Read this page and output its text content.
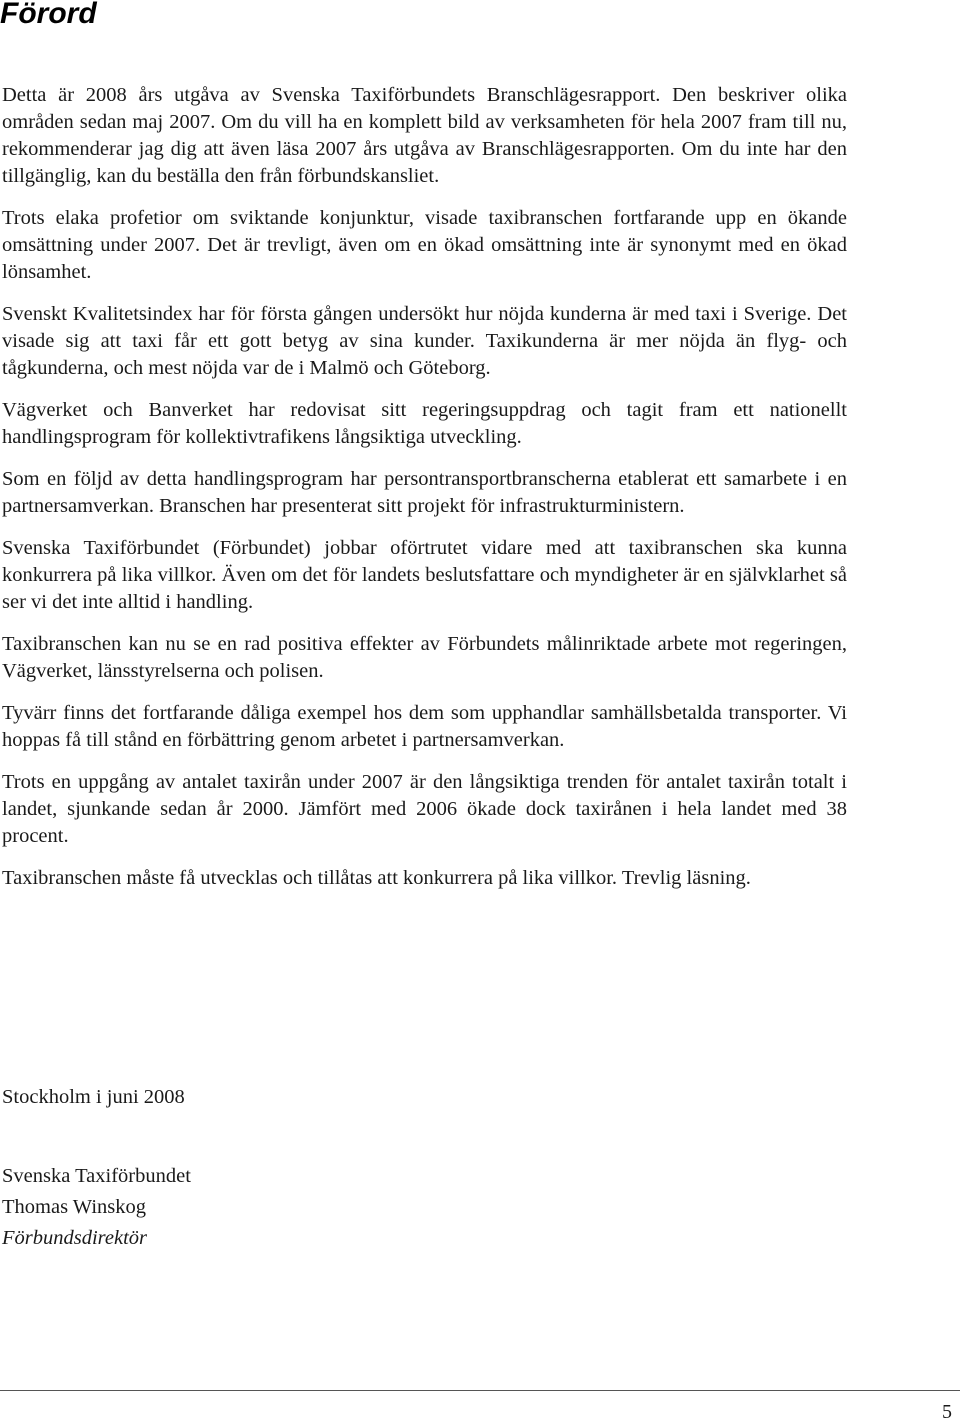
Förord

Detta är 2008 års utgåva av Svenska Taxiförbundets Branschlägesrapport. Den beskriver olika områden sedan maj 2007. Om du vill ha en komplett bild av verksamheten för hela 2007 fram till nu, rekommenderar jag dig att även läsa 2007 års utgåva av Branschlägesrapporten. Om du inte har den tillgänglig, kan du beställa den från förbundskansliet.

Trots elaka profetior om sviktande konjunktur, visade taxibranschen fortfarande upp en ökande omsättning under 2007. Det är trevligt, även om en ökad omsättning inte är synonymt med en ökad lönsamhet.

Svenskt Kvalitetsindex har för första gången undersökt hur nöjda kunderna är med taxi i Sverige. Det visade sig att taxi får ett gott betyg av sina kunder. Taxikunderna är mer nöjda än flyg- och tågkunderna, och mest nöjda var de i Malmö och Göteborg.

Vägverket och Banverket har redovisat sitt regeringsuppdrag och tagit fram ett nationellt handlingsprogram för kollektivtrafikens långsiktiga utveckling.

Som en följd av detta handlingsprogram har persontransportbranscherna etablerat ett samarbete i en partnersamverkan. Branschen har presenterat sitt projekt för infrastrukturministern.

Svenska Taxiförbundet (Förbundet) jobbar oförtrutet vidare med att taxibranschen ska kunna konkurrera på lika villkor. Även om det för landets beslutsfattare och myndigheter är en självklarhet så ser vi det inte alltid i handling.

Taxibranschen kan nu se en rad positiva effekter av Förbundets målinriktade arbete mot regeringen, Vägverket, länsstyrelserna och polisen.

Tyvärr finns det fortfarande dåliga exempel hos dem som upphandlar samhällsbetalda transporter. Vi hoppas få till stånd en förbättring genom arbetet i partnersamverkan.

Trots en uppgång av antalet taxirån under 2007 är den långsiktiga trenden för antalet taxirån totalt i landet, sjunkande sedan år 2000. Jämfört med 2006 ökade dock taxirånen i hela landet med 38 procent.

Taxibranschen måste få utvecklas och tillåtas att konkurrera på lika villkor. Trevlig läsning.

Stockholm i juni 2008
Svenska Taxiförbundet
Thomas Winskog
Förbundsdirektör
5
